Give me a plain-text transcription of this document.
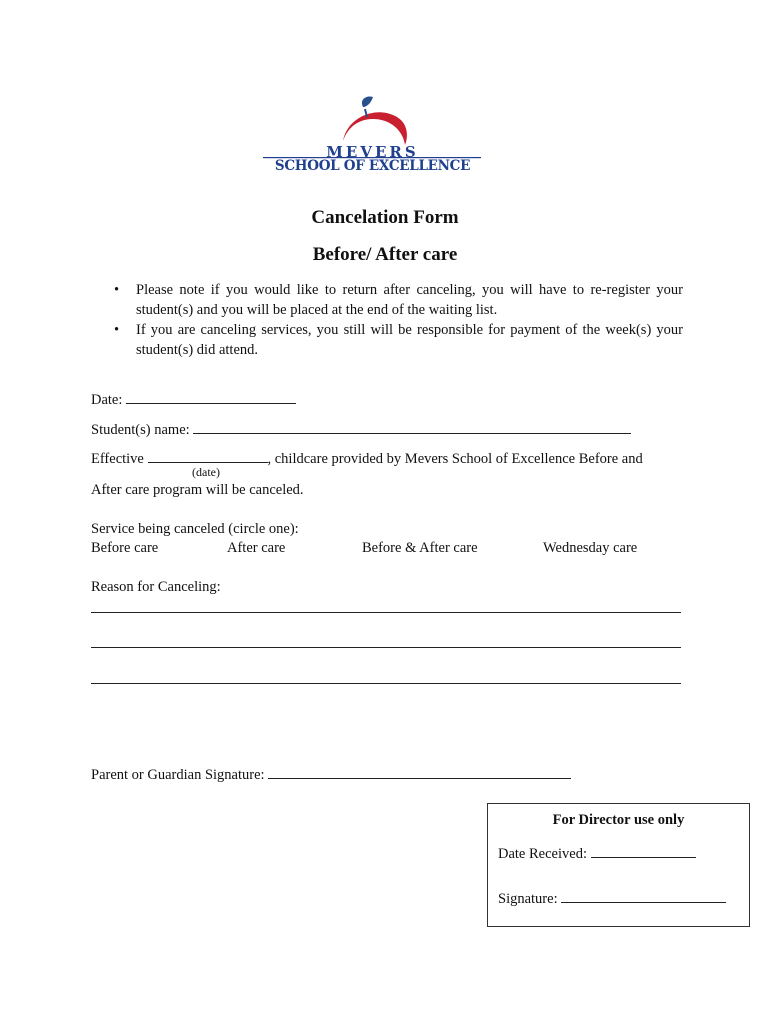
MEVERS
SCHOOL OF EXCELLENCE
Cancelation Form
Before/ After care
• Please note if you would like to return after canceling, you will have to re-register your student(s) and you will be placed at the end of the waiting list.
• If you are canceling services, you still will be responsible for payment of the week(s) your student(s) did attend.
Date:
Student(s) name:
Effective	, childcare provided by Mevers School of Excellence Before and
(date)
After care program will be canceled.
Service being canceled (circle one):
Before care	After care	Before & After care	Wednesday care
Reason for Canceling:
Parent or Guardian Signature:
For Director use only
Date Received:
Signature:
